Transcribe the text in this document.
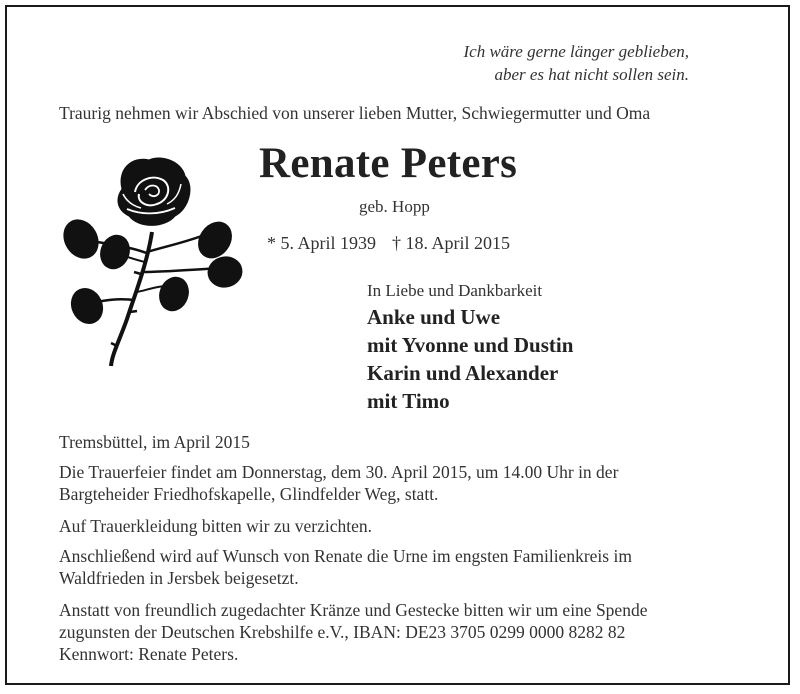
Ich wäre gerne länger geblieben,
aber es hat nicht sollen sein.
Traurig nehmen wir Abschied von unserer lieben Mutter, Schwiegermutter und Oma
Renate Peters
geb. Hopp
* 5. April 1939 † 18. April 2015
In Liebe und Dankbarkeit
Anke und Uwe
mit Yvonne und Dustin
Karin und Alexander
mit Timo
Tremsbüttel, im April 2015
Die Trauerfeier findet am Donnerstag, dem 30. April 2015, um 14.00 Uhr in der
Bargteheider Friedhofskapelle, Glindfelder Weg, statt.
Auf Trauerkleidung bitten wir zu verzichten.
Anschließend wird auf Wunsch von Renate die Urne im engsten Familienkreis im
Waldfrieden in Jersbek beigesetzt.
Anstatt von freundlich zugedachter Kränze und Gestecke bitten wir um eine Spende
zugunsten der Deutschen Krebshilfe e.V., IBAN: DE23 3705 0299 0000 8282 82
Kennwort: Renate Peters.
